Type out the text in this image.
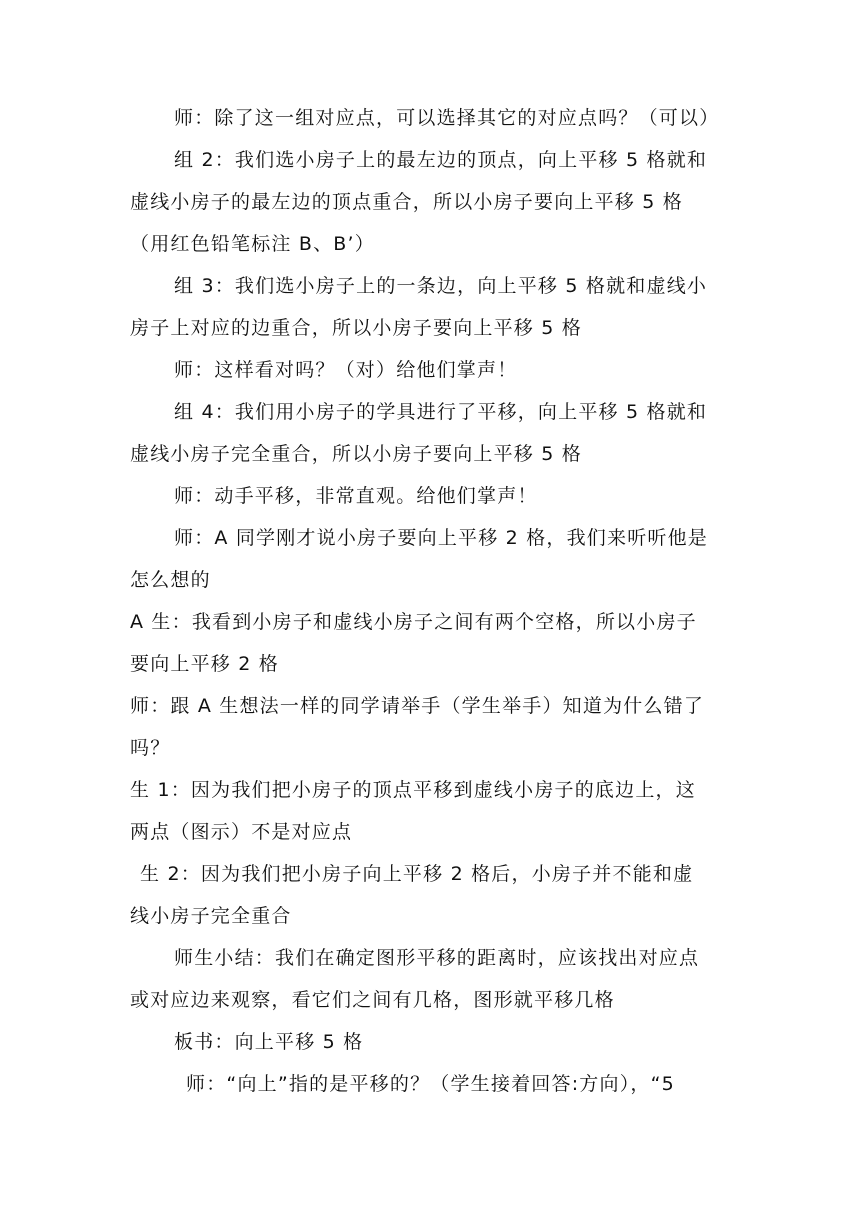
师：除了这一组对应点，可以选择其它的对应点吗？（可以）
组 2：我们选小房子上的最左边的顶点，向上平移 5 格就和
虚线小房子的最左边的顶点重合，所以小房子要向上平移 5 格
（用红色铅笔标注 B、B’）
组 3：我们选小房子上的一条边，向上平移 5 格就和虚线小
房子上对应的边重合，所以小房子要向上平移 5 格
师：这样看对吗？（对）给他们掌声！
组 4：我们用小房子的学具进行了平移，向上平移 5 格就和
虚线小房子完全重合，所以小房子要向上平移 5 格
师：动手平移，非常直观。给他们掌声！
师：A 同学刚才说小房子要向上平移 2 格，我们来听听他是
怎么想的
A 生：我看到小房子和虚线小房子之间有两个空格，所以小房子
要向上平移 2 格
师：跟 A 生想法一样的同学请举手（学生举手）知道为什么错了
吗？
生 1：因为我们把小房子的顶点平移到虚线小房子的底边上，这
两点（图示）不是对应点
生 2：因为我们把小房子向上平移 2 格后，小房子并不能和虚
线小房子完全重合
师生小结：我们在确定图形平移的距离时，应该找出对应点
或对应边来观察，看它们之间有几格，图形就平移几格
板书：向上平移 5 格
师：“向上”指的是平移的？（学生接着回答:方向），“5
